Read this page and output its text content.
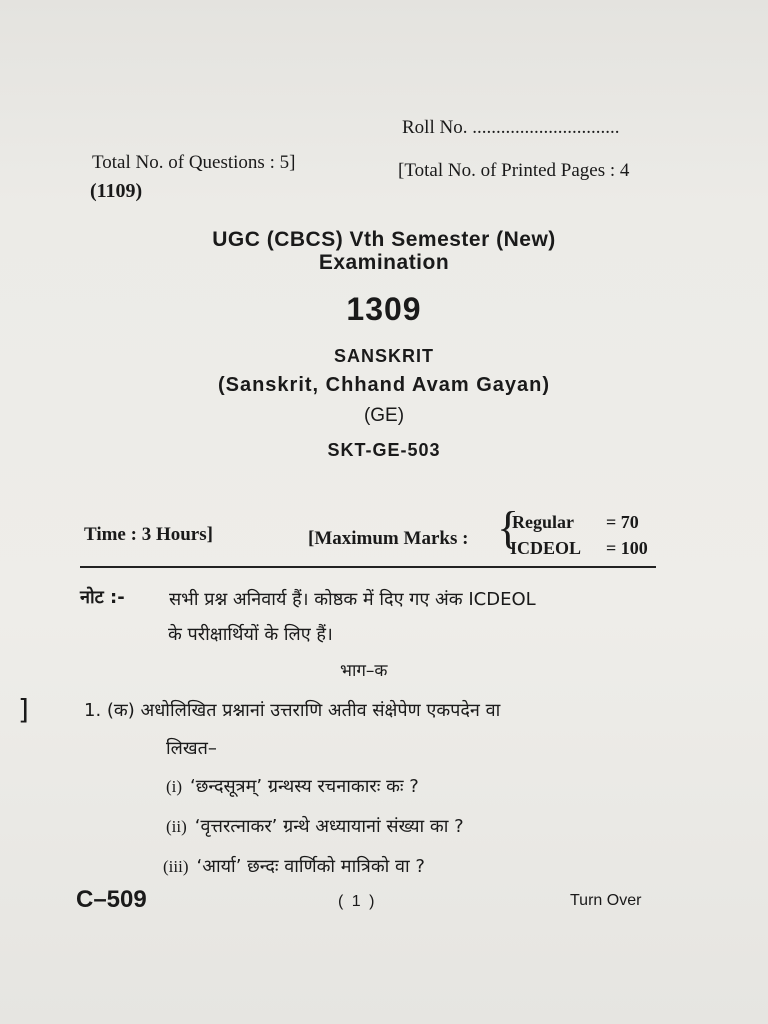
Roll No. ...............................
Total No. of Questions : 5]	[Total No. of Printed Pages : 4
(1109)
UGC (CBCS) Vth Semester (New)
Examination
1309
SANSKRIT
(Sanskrit, Chhand Avam Gayan)
(GE)
SKT-GE-503
Time : 3 Hours]	[Maximum Marks : {
Regular = 70
ICDEOL = 100
नोट :- सभी प्रश्न अनिवार्य हैं। कोष्ठक में दिए गए अंक ICDEOL
के परीक्षार्थियों के लिए हैं।
भाग–क
]	1. (क) अधोलिखित प्रश्नानां उत्तराणि अतीव संक्षेपेण एकपदेन वा
लिखत–
(i) ‘छन्दसूत्रम्’ ग्रन्थस्य रचनाकारः कः ?
(ii) ‘वृत्तरत्नाकर’ ग्रन्थे अध्यायानां संख्या का ?
(iii) ‘आर्या’ छन्दः वार्णिको मात्रिको वा ?
C–509	( 1 )	Turn Over
